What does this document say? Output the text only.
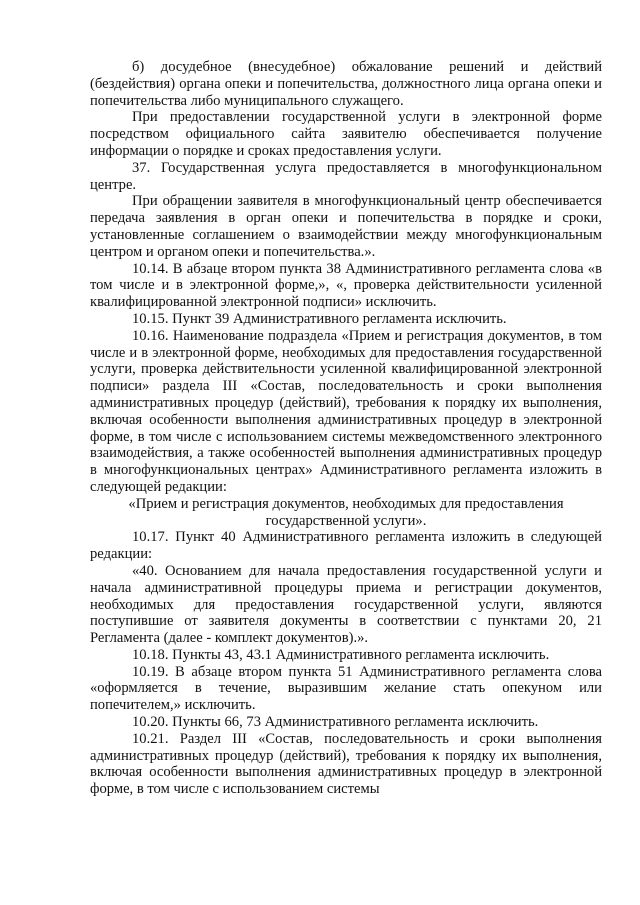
б) досудебное (внесудебное) обжалование решений и действий (бездействия) органа опеки и попечительства, должностного лица органа опеки и попечительства либо муниципального служащего.

При предоставлении государственной услуги в электронной форме посредством официального сайта заявителю обеспечивается получение информации о порядке и сроках предоставления услуги.

37. Государственная услуга предоставляется в многофункциональном центре.

При обращении заявителя в многофункциональный центр обеспечивается передача заявления в орган опеки и попечительства в порядке и сроки, установленные соглашением о взаимодействии между многофункциональным центром и органом опеки и попечительства.».

10.14. В абзаце втором пункта 38 Административного регламента слова «в том числе и в электронной форме,», «, проверка действительности усиленной квалифицированной электронной подписи» исключить.

10.15. Пункт 39 Административного регламента исключить.

10.16. Наименование подраздела «Прием и регистрация документов, в том числе и в электронной форме, необходимых для предоставления государственной услуги, проверка действительности усиленной квалифицированной электронной подписи» раздела III «Состав, последовательность и сроки выполнения административных процедур (действий), требования к порядку их выполнения, включая особенности выполнения административных процедур в электронной форме, в том числе с использованием системы межведомственного электронного взаимодействия, а также особенностей выполнения административных процедур в многофункциональных центрах» Административного регламента изложить в следующей редакции:

«Прием и регистрация документов, необходимых для предоставления государственной услуги».

10.17. Пункт 40 Административного регламента изложить в следующей редакции:

«40. Основанием для начала предоставления государственной услуги и начала административной процедуры приема и регистрации документов, необходимых для предоставления государственной услуги, являются поступившие от заявителя документы в соответствии с пунктами 20, 21 Регламента (далее - комплект документов).».

10.18. Пункты 43, 43.1 Административного регламента исключить.

10.19. В абзаце втором пункта 51 Административного регламента слова «оформляется в течение, выразившим желание стать опекуном или попечителем,» исключить.

10.20. Пункты 66, 73 Административного регламента исключить.

10.21. Раздел III «Состав, последовательность и сроки выполнения административных процедур (действий), требования к порядку их выполнения, включая особенности выполнения административных процедур в электронной форме, в том числе с использованием системы
